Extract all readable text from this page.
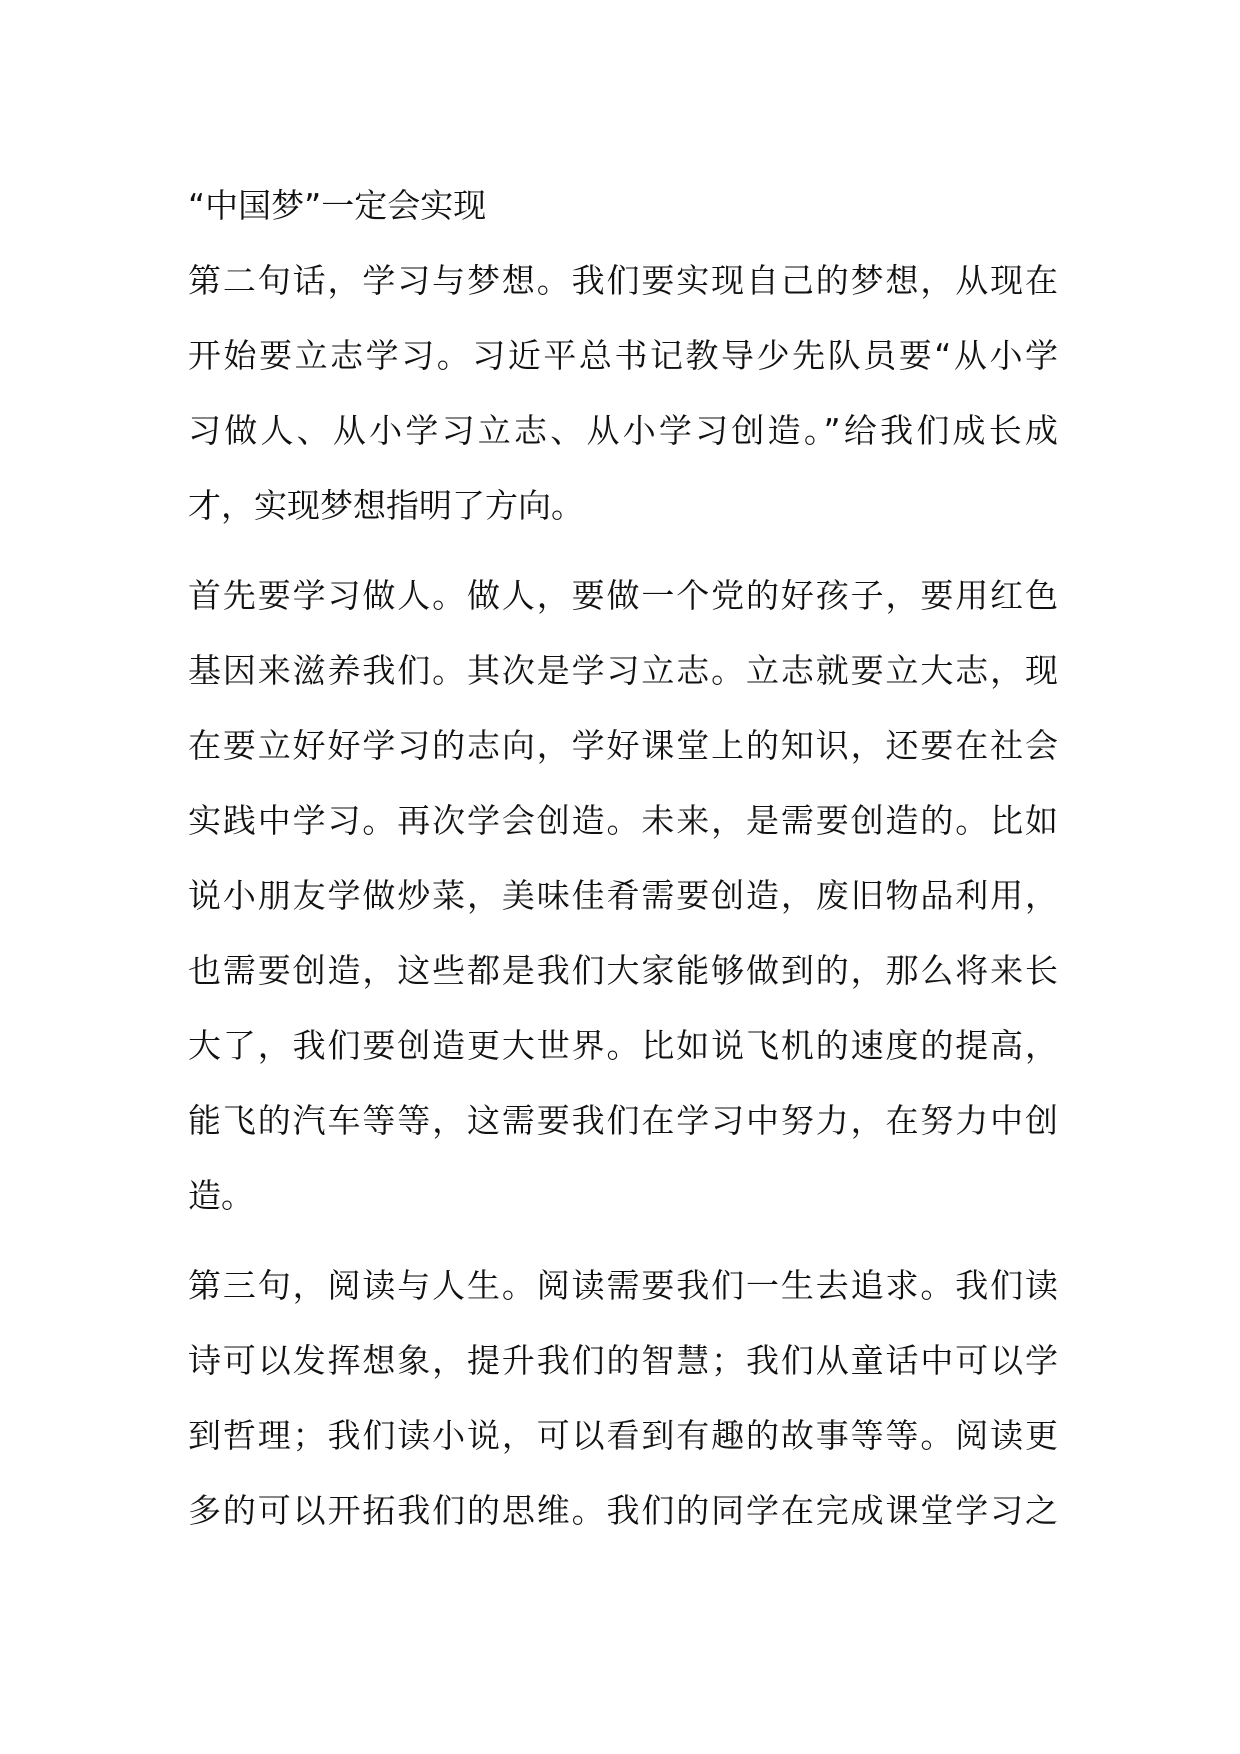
“中国梦”一定会实现
第二句话，学习与梦想。我们要实现自己的梦想，从现在
开始要立志学习。习近平总书记教导少先队员要“从小学
习做人、从小学习立志、从小学习创造。”给我们成长成
才，实现梦想指明了方向。
首先要学习做人。做人，要做一个党的好孩子，要用红色
基因来滋养我们。其次是学习立志。立志就要立大志，现
在要立好好学习的志向，学好课堂上的知识，还要在社会
实践中学习。再次学会创造。未来，是需要创造的。比如
说小朋友学做炒菜，美味佳肴需要创造，废旧物品利用，
也需要创造，这些都是我们大家能够做到的，那么将来长
大了，我们要创造更大世界。比如说飞机的速度的提高，
能飞的汽车等等，这需要我们在学习中努力，在努力中创
造。
第三句，阅读与人生。阅读需要我们一生去追求。我们读
诗可以发挥想象，提升我们的智慧；我们从童话中可以学
到哲理；我们读小说，可以看到有趣的故事等等。阅读更
多的可以开拓我们的思维。我们的同学在完成课堂学习之
